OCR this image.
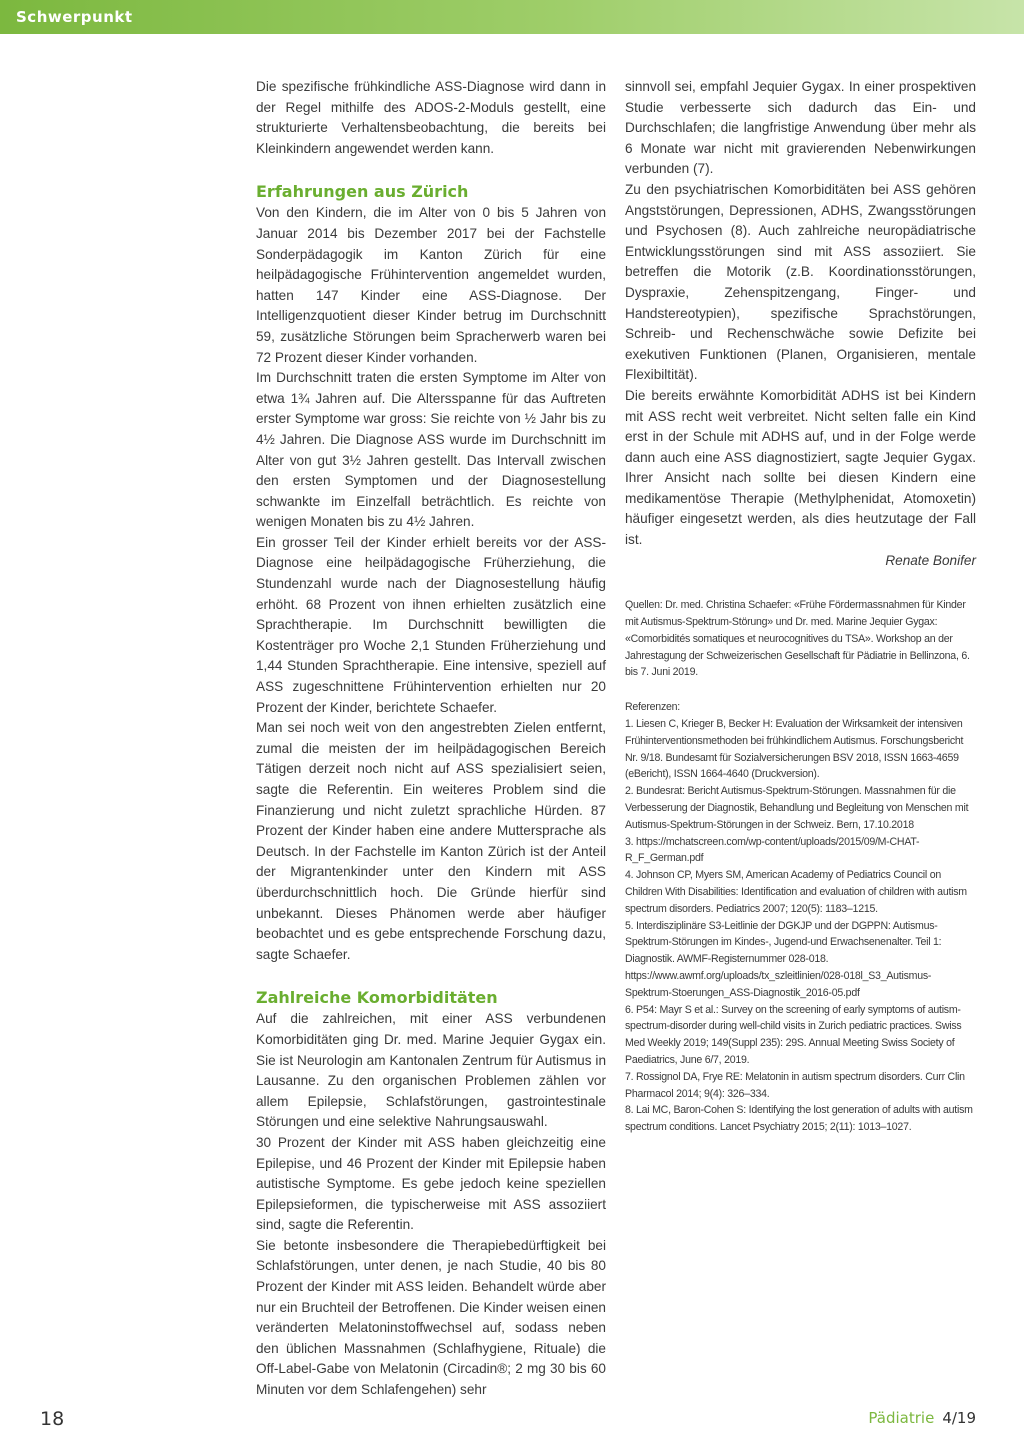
Schwerpunkt

Die spezifische frühkindliche ASS-Diagnose wird dann in der Regel mithilfe des ADOS-2-Moduls gestellt, eine strukturierte Verhaltensbeobachtung, die bereits bei Kleinkindern angewendet werden kann.

Erfahrungen aus Zürich

Von den Kindern, die im Alter von 0 bis 5 Jahren von Januar 2014 bis Dezember 2017 bei der Fachstelle Sonderpädagogik im Kanton Zürich für eine heilpädagogische Frühintervention angemeldet wurden, hatten 147 Kinder eine ASS-Diagnose. Der Intelligenzquotient dieser Kinder betrug im Durchschnitt 59, zusätzliche Störungen beim Spracherwerb waren bei 72 Prozent dieser Kinder vorhanden.

Im Durchschnitt traten die ersten Symptome im Alter von etwa 1¾ Jahren auf. Die Altersspanne für das Auftreten erster Symptome war gross: Sie reichte von ½ Jahr bis zu 4½ Jahren. Die Diagnose ASS wurde im Durchschnitt im Alter von gut 3½ Jahren gestellt. Das Intervall zwischen den ersten Symptomen und der Diagnosestellung schwankte im Einzelfall beträchtlich. Es reichte von wenigen Monaten bis zu 4½ Jahren.

Ein grosser Teil der Kinder erhielt bereits vor der ASS-Diagnose eine heilpädagogische Früherziehung, die Stundenzahl wurde nach der Diagnosestellung häufig erhöht. 68 Prozent von ihnen erhielten zusätzlich eine Sprachtherapie. Im Durchschnitt bewilligten die Kostenträger pro Woche 2,1 Stunden Früherziehung und 1,44 Stunden Sprachtherapie. Eine intensive, speziell auf ASS zugeschnittene Frühintervention erhielten nur 20 Prozent der Kinder, berichtete Schaefer.

Man sei noch weit von den angestrebten Zielen entfernt, zumal die meisten der im heilpädagogischen Bereich Tätigen derzeit noch nicht auf ASS spezialisiert seien, sagte die Referentin. Ein weiteres Problem sind die Finanzierung und nicht zuletzt sprachliche Hürden. 87 Prozent der Kinder haben eine andere Muttersprache als Deutsch. In der Fachstelle im Kanton Zürich ist der Anteil der Migrantenkinder unter den Kindern mit ASS überdurchschnittlich hoch. Die Gründe hierfür sind unbekannt. Dieses Phänomen werde aber häufiger beobachtet und es gebe entsprechende Forschung dazu, sagte Schaefer.

Zahlreiche Komorbiditäten

Auf die zahlreichen, mit einer ASS verbundenen Komorbiditäten ging Dr. med. Marine Jequier Gygax ein. Sie ist Neurologin am Kantonalen Zentrum für Autismus in Lausanne. Zu den organischen Problemen zählen vor allem Epilepsie, Schlafstörungen, gastrointestinale Störungen und eine selektive Nahrungsauswahl.

30 Prozent der Kinder mit ASS haben gleichzeitig eine Epilepise, und 46 Prozent der Kinder mit Epilepsie haben autistische Symptome. Es gebe jedoch keine speziellen Epilepsieformen, die typischerweise mit ASS assoziiert sind, sagte die Referentin.

Sie betonte insbesondere die Therapiebedürftigkeit bei Schlafstörungen, unter denen, je nach Studie, 40 bis 80 Prozent der Kinder mit ASS leiden. Behandelt würde aber nur ein Bruchteil der Betroffenen. Die Kinder weisen einen veränderten Melatoninstoffwechsel auf, sodass neben den üblichen Massnahmen (Schlafhygiene, Rituale) die Off-Label-Gabe von Melatonin (Circadin®; 2 mg 30 bis 60 Minuten vor dem Schlafengehen) sehr

sinnvoll sei, empfahl Jequier Gygax. In einer prospektiven Studie verbesserte sich dadurch das Ein- und Durchschlafen; die langfristige Anwendung über mehr als 6 Monate war nicht mit gravierenden Nebenwirkungen verbunden (7).

Zu den psychiatrischen Komorbiditäten bei ASS gehören Angststörungen, Depressionen, ADHS, Zwangsstörungen und Psychosen (8). Auch zahlreiche neuropädiatrische Entwicklungsstörungen sind mit ASS assoziiert. Sie betreffen die Motorik (z.B. Koordinationsstörungen, Dyspraxie, Zehenspitzengang, Finger- und Handstereotypien), spezifische Sprachstörungen, Schreib- und Rechenschwäche sowie Defizite bei exekutiven Funktionen (Planen, Organisieren, mentale Flexibiltität).

Die bereits erwähnte Komorbidität ADHS ist bei Kindern mit ASS recht weit verbreitet. Nicht selten falle ein Kind erst in der Schule mit ADHS auf, und in der Folge werde dann auch eine ASS diagnostiziert, sagte Jequier Gygax. Ihrer Ansicht nach sollte bei diesen Kindern eine medikamentöse Therapie (Methylphenidat, Atomoxetin) häufiger eingesetzt werden, als dies heutzutage der Fall ist.

Renate Bonifer

Quellen: Dr. med. Christina Schaefer: «Frühe Fördermassnahmen für Kinder mit Autismus-Spektrum-Störung» und Dr. med. Marine Jequier Gygax: «Comorbidités somatiques et neurocognitives du TSA». Workshop an der Jahrestagung der Schweizerischen Gesellschaft für Pädiatrie in Bellinzona, 6. bis 7. Juni 2019.

Referenzen:

1. Liesen C, Krieger B, Becker H: Evaluation der Wirksamkeit der intensiven Frühinterventionsmethoden bei frühkindlichem Autismus. Forschungsbericht Nr. 9/18. Bundesamt für Sozialversicherungen BSV 2018, ISSN 1663-4659 (eBericht), ISSN 1664-4640 (Druckversion).

2. Bundesrat: Bericht Autismus-Spektrum-Störungen. Massnahmen für die Verbesserung der Diagnostik, Behandlung und Begleitung von Menschen mit Autismus-Spektrum-Störungen in der Schweiz. Bern, 17.10.2018

3. https://mchatscreen.com/wp-content/uploads/2015/09/M-CHAT-R_F_German.pdf

4. Johnson CP, Myers SM, American Academy of Pediatrics Council on Children With Disabilities: Identification and evaluation of children with autism spectrum disorders. Pediatrics 2007; 120(5): 1183–1215.

5. Interdisziplinäre S3-Leitlinie der DGKJP und der DGPPN: Autismus-Spektrum-Störungen im Kindes-, Jugend-und Erwachsenenalter. Teil 1: Diagnostik. AWMF-Registernummer 028-018. https://www.awmf.org/uploads/tx_szleitlinien/028-018l_S3_Autismus-Spektrum-Stoerungen_ASS-Diagnostik_2016-05.pdf

6. P54: Mayr S et al.: Survey on the screening of early symptoms of autism-spectrum-disorder during well-child visits in Zurich pediatric practices. Swiss Med Weekly 2019; 149(Suppl 235): 29S. Annual Meeting Swiss Society of Paediatrics, June 6/7, 2019.

7. Rossignol DA, Frye RE: Melatonin in autism spectrum disorders. Curr Clin Pharmacol 2014; 9(4): 326–334.

8. Lai MC, Baron-Cohen S: Identifying the lost generation of adults with autism spectrum conditions. Lancet Psychiatry 2015; 2(11): 1013–1027.

18	Pädiatrie 4/19
